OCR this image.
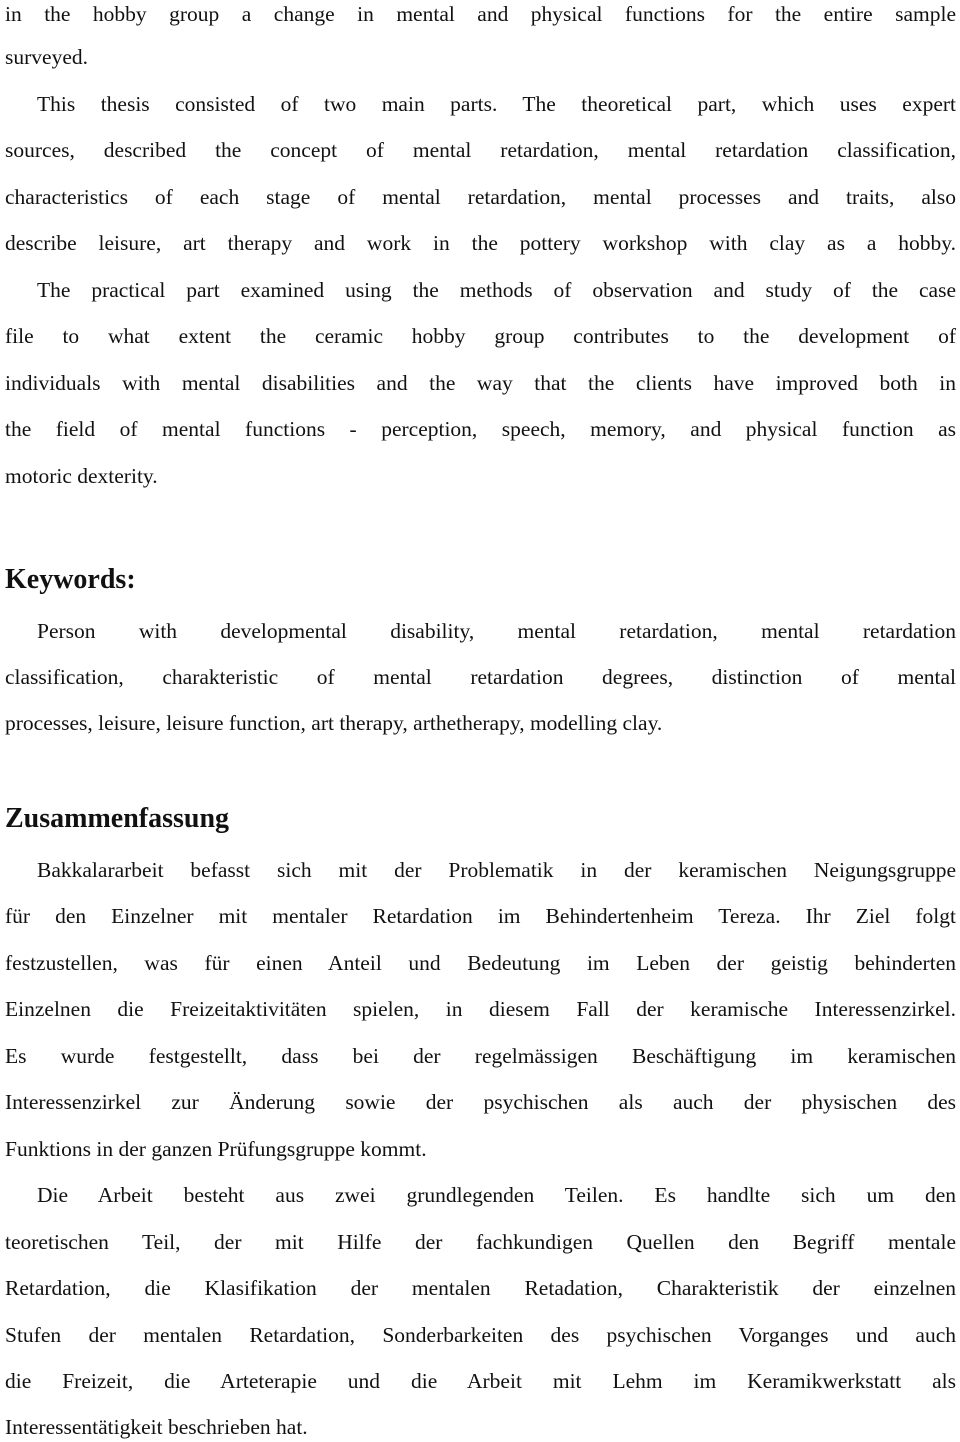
in the hobby group a change in mental and physical functions for the entire sample
surveyed.
This thesis consisted of two main parts. The theoretical part, which uses expert
sources, described the concept of mental retardation, mental retardation classification,
characteristics of each stage of mental retardation, mental processes and traits, also
describe leisure, art therapy and work in the pottery workshop with clay as a hobby.
The practical part examined using the methods of observation and study of the case
file to what extent the ceramic hobby group contributes to the development of
individuals with mental disabilities and the way that the clients have improved both in
the field of mental functions - perception, speech, memory, and physical function as
motoric dexterity.
Keywords:
Person with developmental disability, mental retardation, mental retardation
classification, charakteristic of mental retardation degrees, distinction of mental
processes, leisure, leisure function, art therapy, arthetherapy, modelling clay.
Zusammenfassung
Bakkalararbeit befasst sich mit der Problematik in der keramischen Neigungsgruppe
für den Einzelner mit mentaler Retardation im Behindertenheim Tereza. Ihr Ziel folgt
festzustellen, was für einen Anteil und Bedeutung im Leben der geistig behinderten
Einzelnen die Freizeitaktivitäten spielen, in diesem Fall der keramische Interessenzirkel.
Es wurde festgestellt, dass bei der regelmässigen Beschäftigung im keramischen
Interessenzirkel zur Änderung sowie der psychischen als auch der physischen des
Funktions in der ganzen Prüfungsgruppe kommt.
Die Arbeit besteht aus zwei grundlegenden Teilen. Es handlte sich um den
teoretischen Teil, der mit Hilfe der fachkundigen Quellen den Begriff mentale
Retardation, die Klasifikation der mentalen Retadation, Charakteristik der einzelnen
Stufen der mentalen Retardation, Sonderbarkeiten des psychischen Vorganges und auch
die Freizeit, die Arteterapie und die Arbeit mit Lehm im Keramikwerkstatt als
Interessentätigkeit beschrieben hat.
